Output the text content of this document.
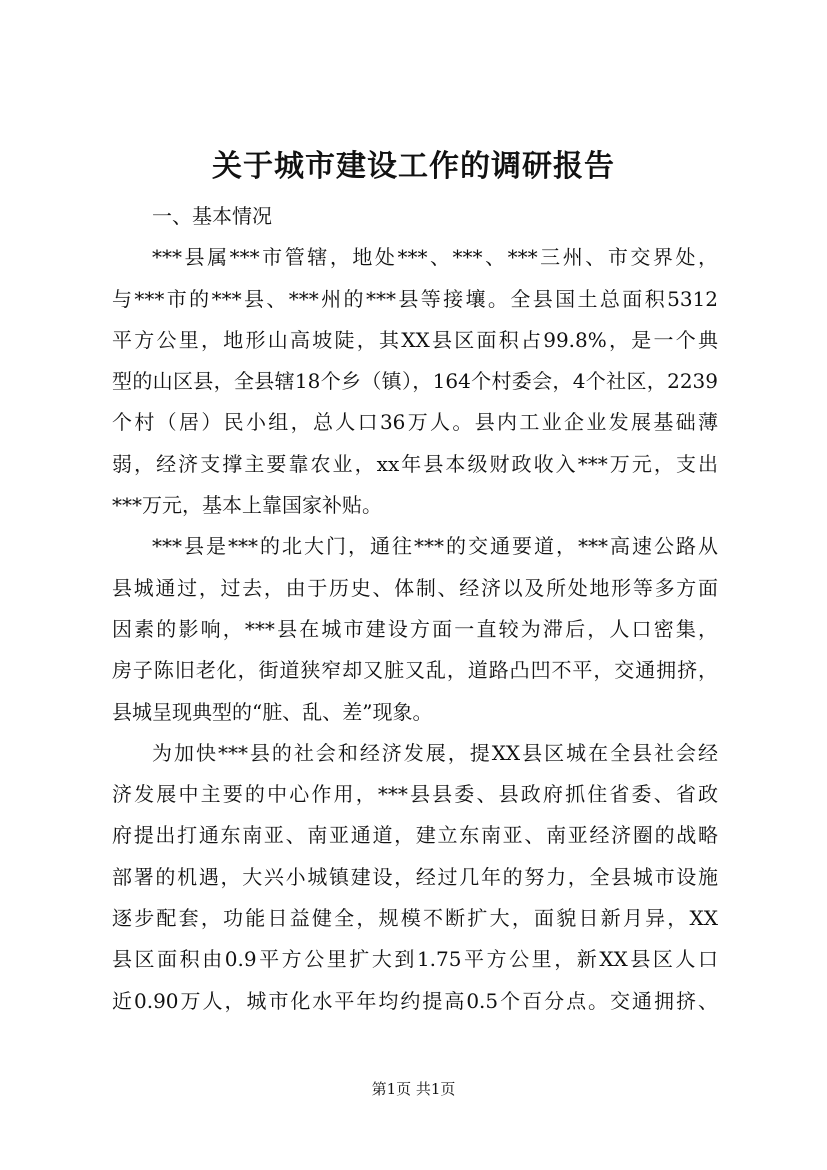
关于城市建设工作的调研报告
一、基本情况
***县属***市管辖，地处***、***、***三州、市交界处，
与***市的***县、***州的***县等接壤。全县国土总面积5312
平方公里，地形山高坡陡，其XX县区面积占99.8%，是一个典
型的山区县，全县辖18个乡（镇），164个村委会，4个社区，2239
个村（居）民小组，总人口36万人。县内工业企业发展基础薄
弱，经济支撑主要靠农业，xx年县本级财政收入***万元，支出
***万元，基本上靠国家补贴。
***县是***的北大门，通往***的交通要道，***高速公路从
县城通过，过去，由于历史、体制、经济以及所处地形等多方面
因素的影响，***县在城市建设方面一直较为滞后，人口密集，
房子陈旧老化，街道狭窄却又脏又乱，道路凸凹不平，交通拥挤，
县城呈现典型的“脏、乱、差”现象。
为加快***县的社会和经济发展，提XX县区城在全县社会经
济发展中主要的中心作用，***县县委、县政府抓住省委、省政
府提出打通东南亚、南亚通道，建立东南亚、南亚经济圈的战略
部署的机遇，大兴小城镇建设，经过几年的努力，全县城市设施
逐步配套，功能日益健全，规模不断扩大，面貌日新月异，XX
县区面积由0.9平方公里扩大到1.75平方公里，新XX县区人口
近0.90万人，城市化水平年均约提高0.5个百分点。交通拥挤、
第1页 共1页
